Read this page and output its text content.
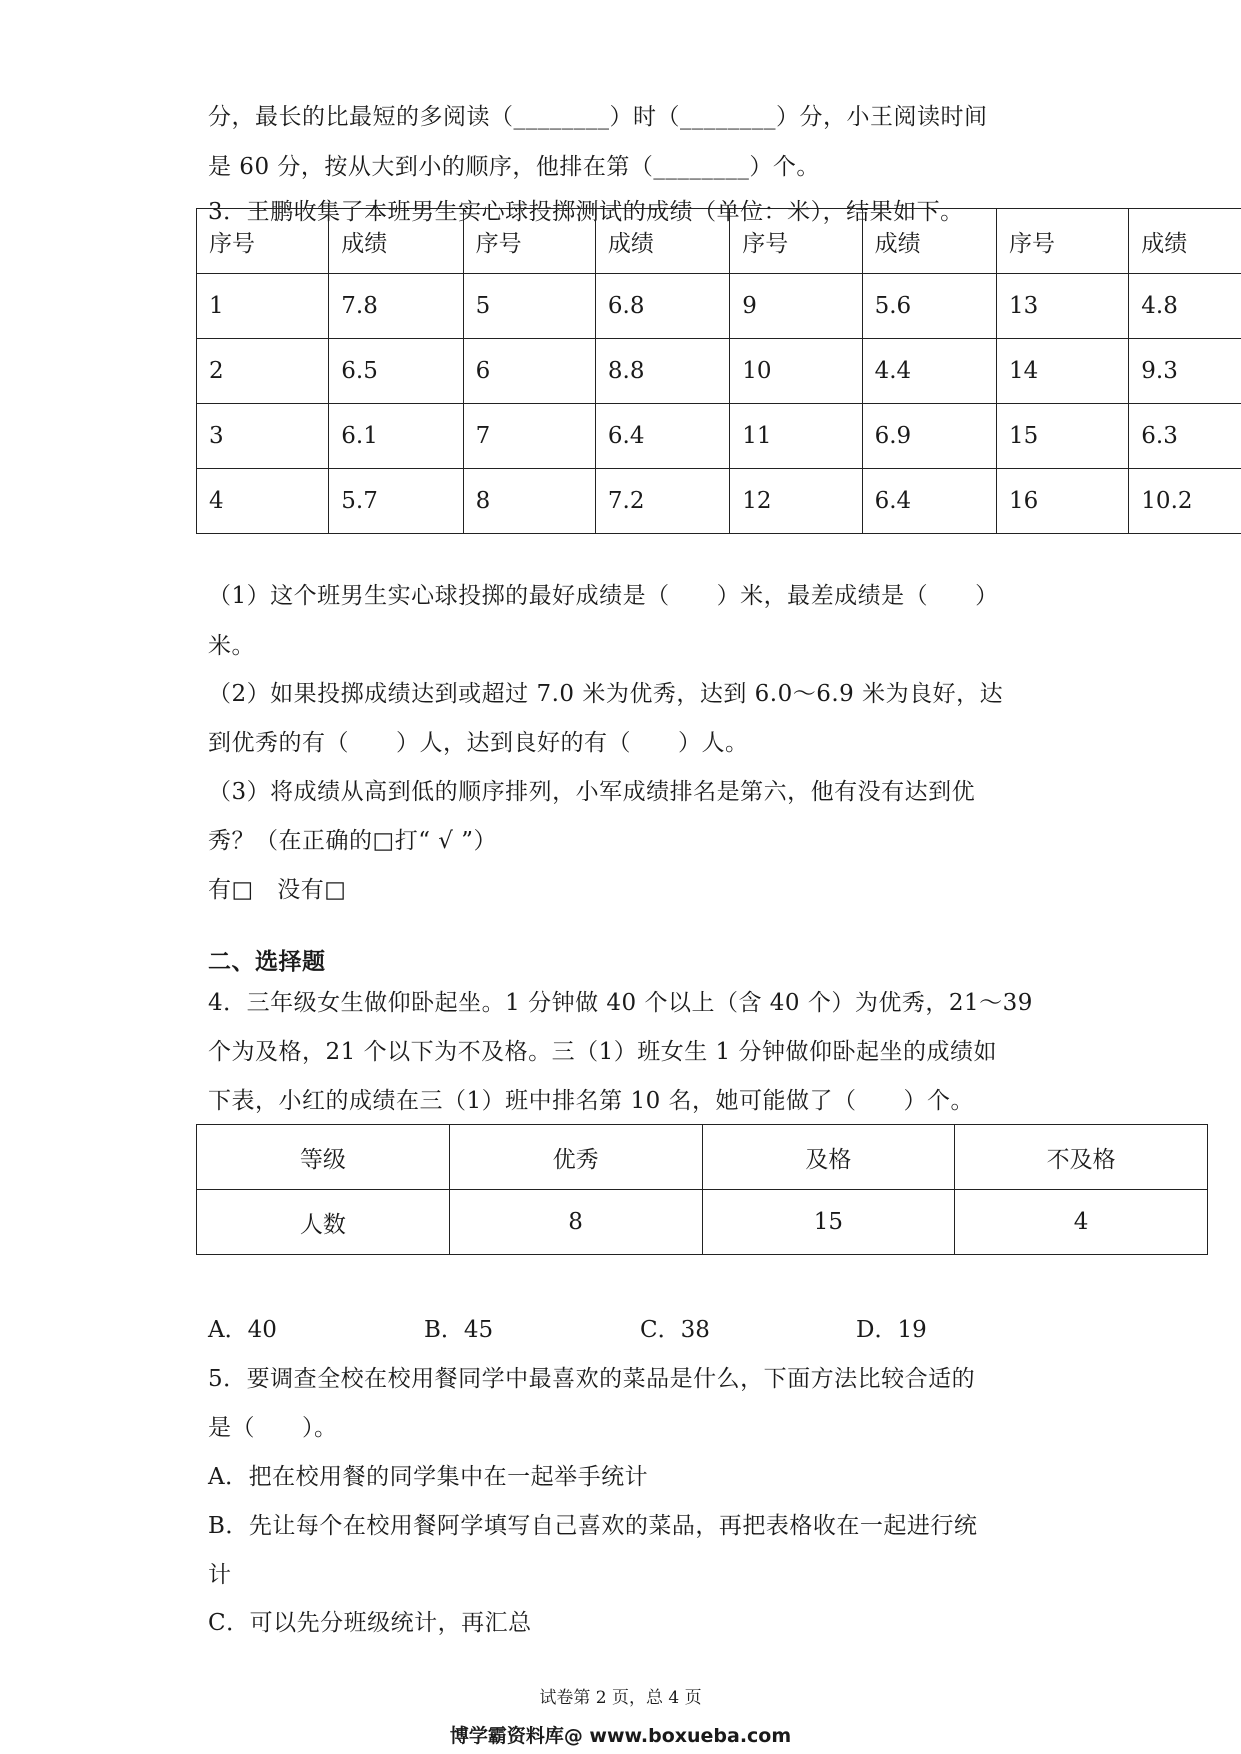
分，最长的比最短的多阅读（________）时（________）分，小王阅读时间
是 60 分，按从大到小的顺序，他排在第（________）个。
3．王鹏收集了本班男生实心球投掷测试的成绩（单位：米），结果如下。
序号	成绩	序号	成绩	序号	成绩	序号	成绩
1	7.8	5	6.8	9	5.6	13	4.8
2	6.5	6	8.8	10	4.4	14	9.3
3	6.1	7	6.4	11	6.9	15	6.3
4	5.7	8	7.2	12	6.4	16	10.2
（1）这个班男生实心球投掷的最好成绩是（　　）米，最差成绩是（　　）
米。
（2）如果投掷成绩达到或超过 7.0 米为优秀，达到 6.0～6.9 米为良好，达
到优秀的有（　　）人，达到良好的有（　　）人。
（3）将成绩从高到低的顺序排列，小军成绩排名是第六，他有没有达到优
秀？（在正确的□打“ √ ”）
有□　没有□
二、选择题
4．三年级女生做仰卧起坐。1 分钟做 40 个以上（含 40 个）为优秀，21～39
个为及格，21 个以下为不及格。三（1）班女生 1 分钟做仰卧起坐的成绩如
下表，小红的成绩在三（1）班中排名第 10 名，她可能做了（　　）个。
等级	优秀	及格	不及格
人数	8	15	4
A．40	B．45	C．38	D．19
5．要调查全校在校用餐同学中最喜欢的菜品是什么，下面方法比较合适的
是（　　）。
A．把在校用餐的同学集中在一起举手统计
B．先让每个在校用餐阿学填写自己喜欢的菜品，再把表格收在一起进行统
计
C．可以先分班级统计，再汇总
试卷第 2 页，总 4 页
博学霸资料库@ www.boxueba.com
